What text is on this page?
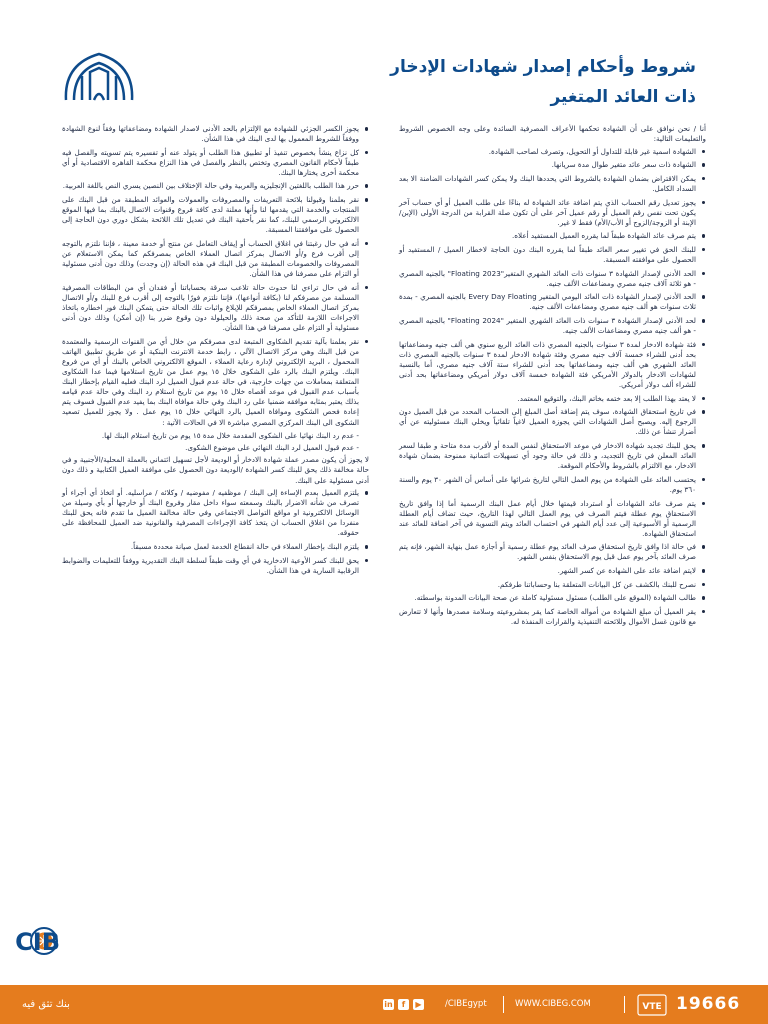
شروط وأحكام إصدار شهادات الإدخار
ذات العائد المتغير

أنا / نحن نوافق على أن الشهادة تحكمها الأعراف المصرفية السائدة وعلى وجه الخصوص الشروط والتعليمات التالية:

الشهادة اسمية غير قابلة للتداول أو التحويل، وتصرف لصاحب الشهادة.
الشهادة ذات سعر عائد متغير طوال مدة سريانها.
يمكن الاقتراض بضمان الشهادة بالشروط التي يحددها البنك ولا يمكن كسر الشهادات الضامنة الا بعد السداد الكامل.
يجوز تعديل رقم الحساب الذي يتم اضافة عائد الشهادة له بناءًا على طلب العميل أو أي حساب آخر يكون تحت نفس رقم العميل أو رقم عميل آخر على أن تكون صلة القرابة من الدرجة الأولى (الإبن/الإبنة أو الزوجة/الزوج أو الأب/الأم) فقط لا غير.
يتم صرف عائد الشهادة طبقاً لما يقرره العميل المستفيد أعلاه.
للبنك الحق في تغيير سعر العائد طبقاً لما يقرره البنك دون الحاجة لاخطار العميل / المستفيد أو الحصول على موافقته المسبقة.
الحد الأدنى لإصدار الشهادة ٣ سنوات ذات العائد الشهري المتغير"Floating 2023" بالجنيه المصري - هو ثلاثة آلاف جنيه مصري ومضاعفات الألف جنيه.
الحد الأدنى لإصدار الشهادة ذات العائد اليومي المتغير Every Day Floating بالجنيه المصري - بمدة ثلاث سنوات هو ألف جنيه مصري ومضاعفات الألف جنيه.
لحد الأدنى لإصدار الشهادة ٣ سنوات ذات العائد الشهري المتغير "Floating 2024" بالجنيه المصري - هو ألف جنيه مصري ومضاعفات الألف جنيه.
فئة شهادة الادخار لمدة ٣ سنوات بالجنيه المصري ذات العائد الربع سنوي هي ألف جنيه ومضاعفاتها بحد أدنى للشراء خمسة آلاف جنيه مصري وفئة شهادة الادخار لمدة ٣ سنوات بالجنيه المصري ذات العائد الشهري هي ألف جنيه ومضاعفاتها بحد أدنى للشراء ستة آلاف جنيه مصري، أما بالنسبة لشهادات الادخار بالدولار الأمريكي فئة الشهادة خمسة آلاف دولار أمريكي ومضاعفاتها بحد أدنى للشراء ألف دولار أمريكي.
لا يعتد بهذا الطلب إلا بعد ختمه بخاتم البنك، والتوقيع المعتمد.
في تاريخ استحقاق الشهادة، سوف يتم إضافة أصل المبلغ إلى الحساب المحدد من قبل العميل دون الرجوع إليه. ويصبح أصل الشهادات التي يجوزة العميل لاغياً تلقائياً ويخلي البنك مسئوليته عن أي أضرار تنشأ عن ذلك.
يحق للبنك تجديد شهادة الادخار في موعد الاستحقاق لنفس المدة أو لأقرب مدة متاحة و طبقا لسعر العائد المعلن في تاريخ التجديد، و ذلك في حالة وجود أي تسهيلات ائتمانية ممنوحة بضمان شهادة الادخار، مع الالتزام بالشروط والأحكام الموقعة.
يحتسب العائد على الشهادة من يوم العمل التالي لتاريخ شرائها على أساس أن الشهر ٣٠ يوم والسنة ٣٦٠ يوم.
يتم صرف عائد الشهادات أو استرداد قيمتها خلال أيام عمل البنك الرسمية أما إذا وافق تاريخ الاستحقاق يوم عطلة فيتم الصرف في يوم العمل التالي لهذا التاريخ، حيث تضاف أيام العطلة الرسمية أو الأسبوعية إلى عدد أيام الشهر في احتساب العائد ويتم التسوية في آخر اضافة للعائد عند استحقاق الشهادة.
في حالة اذا وافق تاريخ استحقاق صرف العائد يوم عطلة رسمية أو أجازة عمل بنهاية الشهر، فإنه يتم صرف العائد بآخر يوم عمل قبل يوم الاستحقاق بنفس الشهر.
لايتم اضافة عائد على الشهادة عن كسر الشهر.
نصرح للبنك بالكشف عن كل البيانات المتعلقة بنا وحساباتنا طرفكم.
طالب الشهادة (الموقع على الطلب) مسئول مسئولية كاملة عن صحة البيانات المدونة بواسطته.
يقر العميل أن مبلغ الشهادة من أمواله الخاصة كما يقر بمشروعيته وسلامة مصدرها وأنها لا تتعارض مع قانون غسل الأموال وللائحته التنفيذية والقرارات المنفذة له.
يجوز الكسر الجزئي للشهادة مع الإلتزام بالحد الأدنى لاصدار الشهادة ومضاعفاتها وفقاً لنوع الشهادة ووفقاً للشروط المعمول بها لدى البنك في هذا الشأن.
كل نزاع ينشأ بخصوص تنفيذ أو تطبيق هذا الطلب أو يتولد عنه أو تفسيره يتم تسويته والفصل فيه طبقاً لأحكام القانون المصري وتختص بالنظر والفصل في هذا النزاع محكمة القاهره الاقتصادية أو أي محكمة أخرى يختارها البنك.
حرر هذا الطلب باللغتين الإنجليزيه والعربية وفي حالة الإختلاف بين النصين يسري النص باللغة العربية.
نقر بعلمنا وقبولنا بلائحة التعريفات والمصروفات والعمولات والعوائد المطبقة من قبل البنك على المنتجات والخدمة التي يقدمها لنا وأنها معلنة لدى كافة فروع وقنوات الاتصال بالبنك بما فيها الموقع الالكتروني الرسمي للبنك، كما نقر بأحقية البنك في تعديل تلك اللائحة بشكل دوري دون الحاجة إلى الحصول على موافقتنا المسبقة.
أنه في حال رغبتنا في اغلاق الحساب أو إيقاف التعامل عن منتج أو خدمة معينة ، فإننا نلتزم بالتوجه إلى أقرب فرع و/أو الاتصال بمركز اتصال العملاء الخاص بمصرفكم كما يمكن الاستعلام عن المصروفات والخصومات المطبقة من قبل البنك في هذه الحالة (إن وجدت) وذلك دون أدنى مسئولية أو التزام على مصرفنا في هذا الشأن.
أنه في حال تراءي لنا حدوث حالة تلاعب سرقة بحساباتنا أو فقدان أي من البطاقات المصرفية المسلمة من مصرفكم لنا (بكافة أنواعها)، فإننا نلتزم فورًا بالتوجه إلى أقرب فرع للبنك و/أو الاتصال بمركز اتصال العملاء الخاص بمصرفكم للإبلاغ واثبات تلك الحالة حتى يتمكن البنك فور اخطاره باتخاذ الاجراءات اللازمة للتأكد من صحة ذلك والحيلولة دون وقوع ضرر بنا (إن أمكن) وذلك دون أدنى مسئولية أو التزام على مصرفنا في هذا الشأن.
نقر بعلمنا بآلية تقديم الشكاوى المتبعة لدى مصرفكم من خلال أي من القنوات الرسمية والمعتمدة من قبل البنك وهي مركز الاتصال الآلي ، رابط خدمة الانترنت البنكية أو عن طريق تطبيق الهاتف المحمول ، البريد الإلكتروني لإدارة رعاية العملاء ، الموقع الالكتروني الخاص بالبنك أو أي من فروع البنك. ويلتزم البنك بالرد على الشكوى خلال ١٥ يوم عمل من تاريخ استلامها فيما عدا الشكاوى المتعلقة بمعاملات من جهات خارجية، في حالة عدم قبول العميل لرد البنك فعليه القيام بإخطار البنك بأسباب عدم القبول في موعد أقصاه خلال ١٥ يوم من تاريخ استلام رد البنك وفي حالة عدم قيامه بذلك يعتبر بمثابه موافقه ضمنيا على رد البنك وفي حالة موافاة البنك بما يفيد عدم القبول فسوف يتم إعادة فحص الشكوى وموافاة العميل بالرد النهائي خلال ١٥ يوم عمل . ولا يجوز للعميل تصعيد الشكوى الى البنك المركزي المصري مباشرة الا في الحالات الآتية :
- عدم رد البنك نهائيا على الشكوى المقدمة خلال مدة ١٥ يوم من تاريخ استلام البنك لها.
- عدم قبول العميل لرد البنك النهائي على موضوع الشكوى.

لا يجوز أن يكون مصدر عملة شهادة الادخار أو الوديعة لأجل تسهيل ائتماني بالعملة المحلية/الأجنبية و في حالة مخالفة ذلك يحق للبنك كسر الشهادة /الوديعة دون الحصول على موافقة العميل الكتابية و ذلك دون أدنى مسئولية على البنك.

يلتزم العميل بعدم الإساءة إلى البنك / موظفيه / مفوضيه / وكلائه / مراسليه. أو اتخاذ أي أجراء أو تصرف من شأنه الاضرار بالبنك وسمعته سواء داخل مقار وفروع البنك أو خارجها أو بأي وسيلة من الوسائل الالكترونية او مواقع التواصل الاجتماعي وفي حالة مخالفة العميل ما تقدم فانه يحق للبنك منفردا من اغلاق الحساب ان يتخذ كافة الإجراءات المصرفية والقانونية ضد العميل للمحافظة على حقوقه.
يلتزم البنك بإخطار العملاء في حالة انقطاع الخدمة لعمل صيانة محددة مسبقاً.
يحق للبنك كسر الأوعية الادخارية في أي وقت طبقاً لسلطة البنك التقديرية ووفقاً للتعليمات والضوابط الرقابية السارية في هذا الشأن.
CIB
بنك تثق فيه	▶
f
in	/CIBEgypt	WWW.CIBEG.COM	VTE 19666
